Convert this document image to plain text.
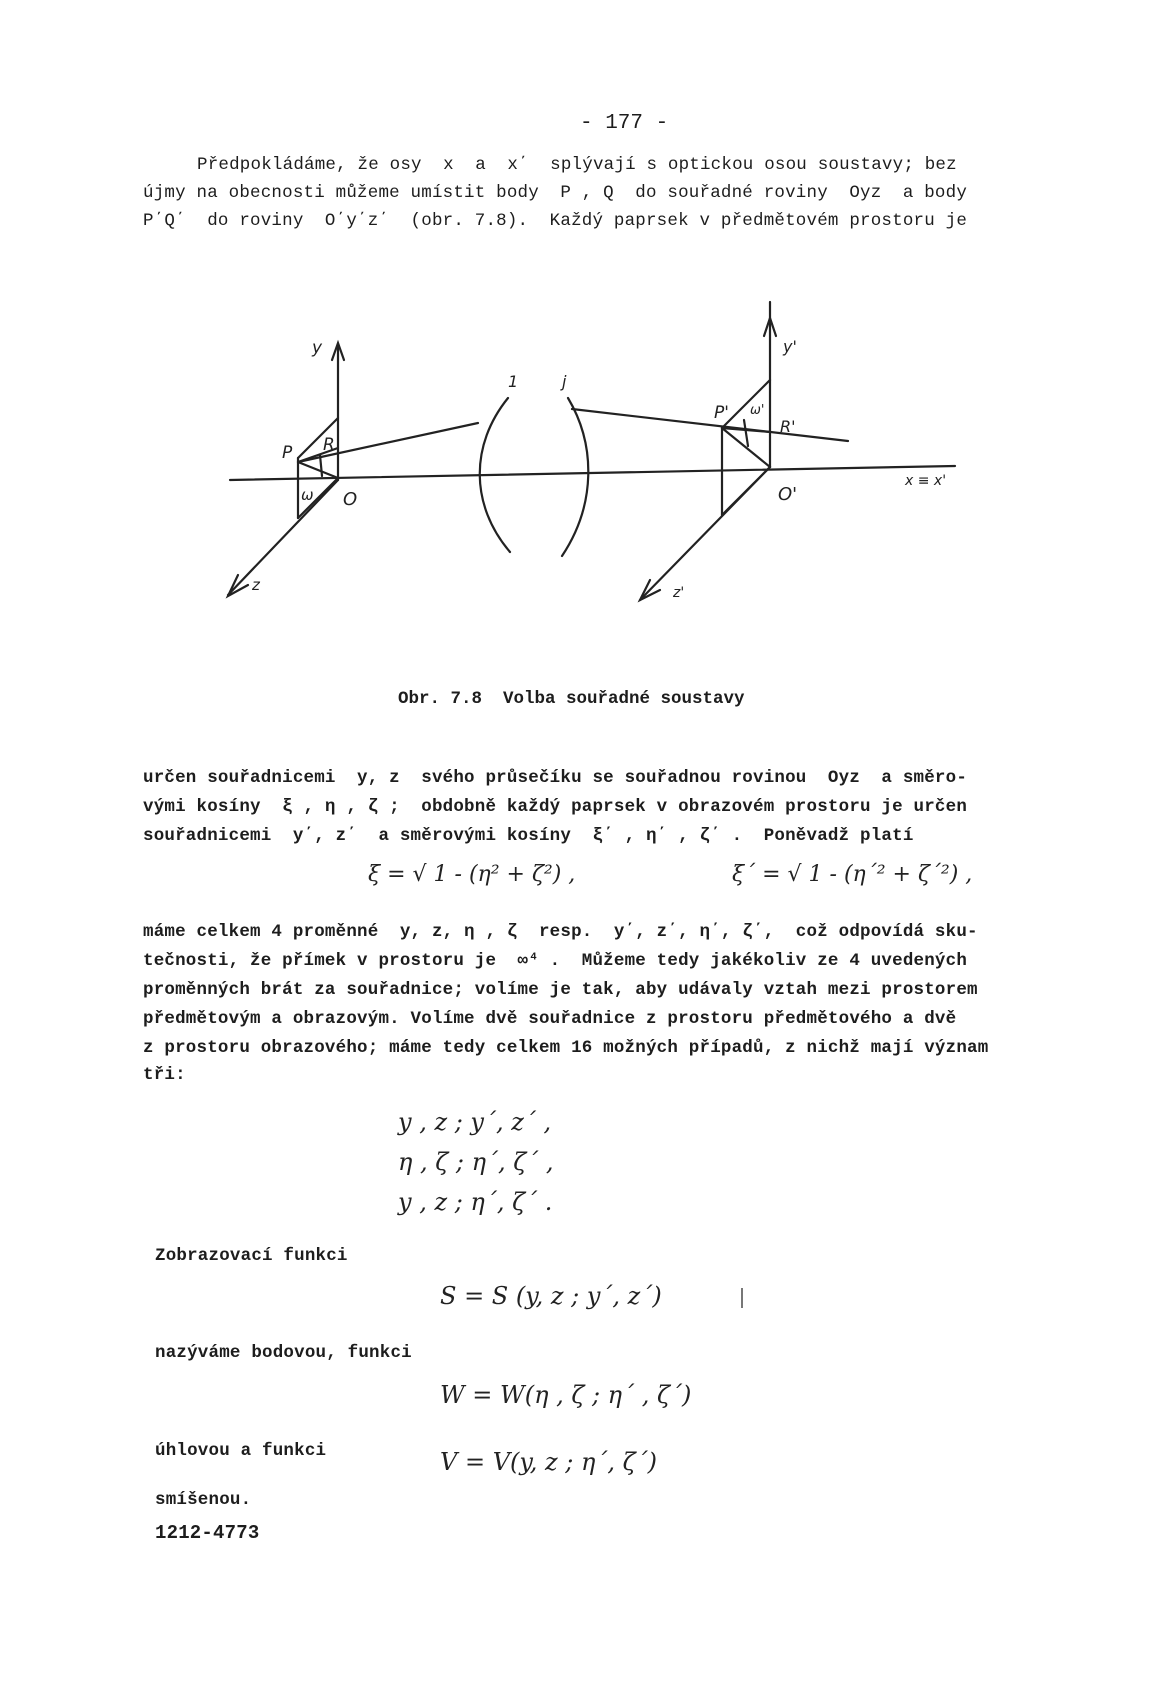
- 177 -
Předpokládáme, že osy  x  a  x΄  splývají s optickou osou soustavy; bez
újmy na obecnosti můžeme umístit body  P , Q  do souřadné roviny  Oyz  a body
P΄Q΄  do roviny  O΄y΄z΄  (obr. 7.8).  Každý paprsek v předmětovém prostoru je
y
P R
ω O
z
1	j
y'
P' ω'
R'
O'
z'
x ≡ x'
Obr. 7.8  Volba souřadné soustavy
určen souřadnicemi  y, z  svého průsečíku se souřadnou rovinou  Oyz  a směro-
vými kosíny  ξ , η , ζ ;  obdobně každý paprsek v obrazovém prostoru je určen
souřadnicemi  y΄, z΄  a směrovými kosíny  ξ΄ , η΄ , ζ΄ .  Poněvadž platí
ξ = √ 1 - (η² + ζ²) ,	ξ΄ = √ 1 - (η΄² + ζ΄²) ,
máme celkem 4 proměnné  y, z, η , ζ  resp.  y΄, z΄, η΄, ζ΄,  což odpovídá sku-
tečnosti, že přímek v prostoru je  ∞⁴ .  Můžeme tedy jakékoliv ze 4 uvedených
proměnných brát za souřadnice; volíme je tak, aby udávaly vztah mezi prostorem
předmětovým a obrazovým. Volíme dvě souřadnice z prostoru předmětového a dvě
z prostoru obrazového; máme tedy celkem 16 možných případů, z nichž mají význam
tři:
y , z ; y΄, z΄ ,
η , ζ ; η΄, ζ΄ ,
y , z ; η΄, ζ΄ .
Zobrazovací funkci
S = S (y, z ; y΄, z΄)
nazýváme bodovou, funkci
W = W(η , ζ ; η΄ , ζ΄)
úhlovou a funkci	V = V(y, z ; η΄, ζ΄)
smíšenou.
1212-4773
